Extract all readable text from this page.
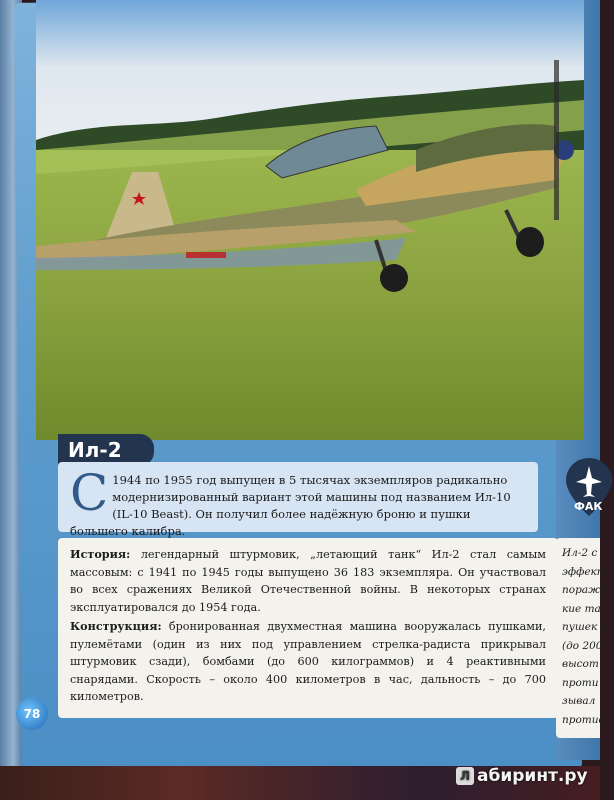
Ил-2
С 1944 по 1955 год выпущен в 5 тысячах экземпляров радикально модернизированный вариант этой машины под названием Ил-10 (IL-10 Beast). Он получил более надёжную броню и пушки большего калибра.

История: легендарный штурмовик, „летающий танк“ Ил-2 стал самым массовым: с 1941 по 1945 годы выпущено 36 183 экземпляра. Он участвовал во всех сражениях Великой Отечественной войны. В некоторых странах эксплуатировался до 1954 года.

Конструкция: бронированная двухместная машина вооружалась пушками, пулемётами (один из них под управлением стрелка-радиста прикрывал штурмовик сзади), бомбами (до 600 килограммов) и 4 реактивными снарядами. Скорость – около 400 километров в час, дальность – до 700 километров.

ФАК
Ил-2 с
эффект
поража
кие та
пушек с
(до 200
высот
проти
зывал
против
78
Л абиринт.ру
